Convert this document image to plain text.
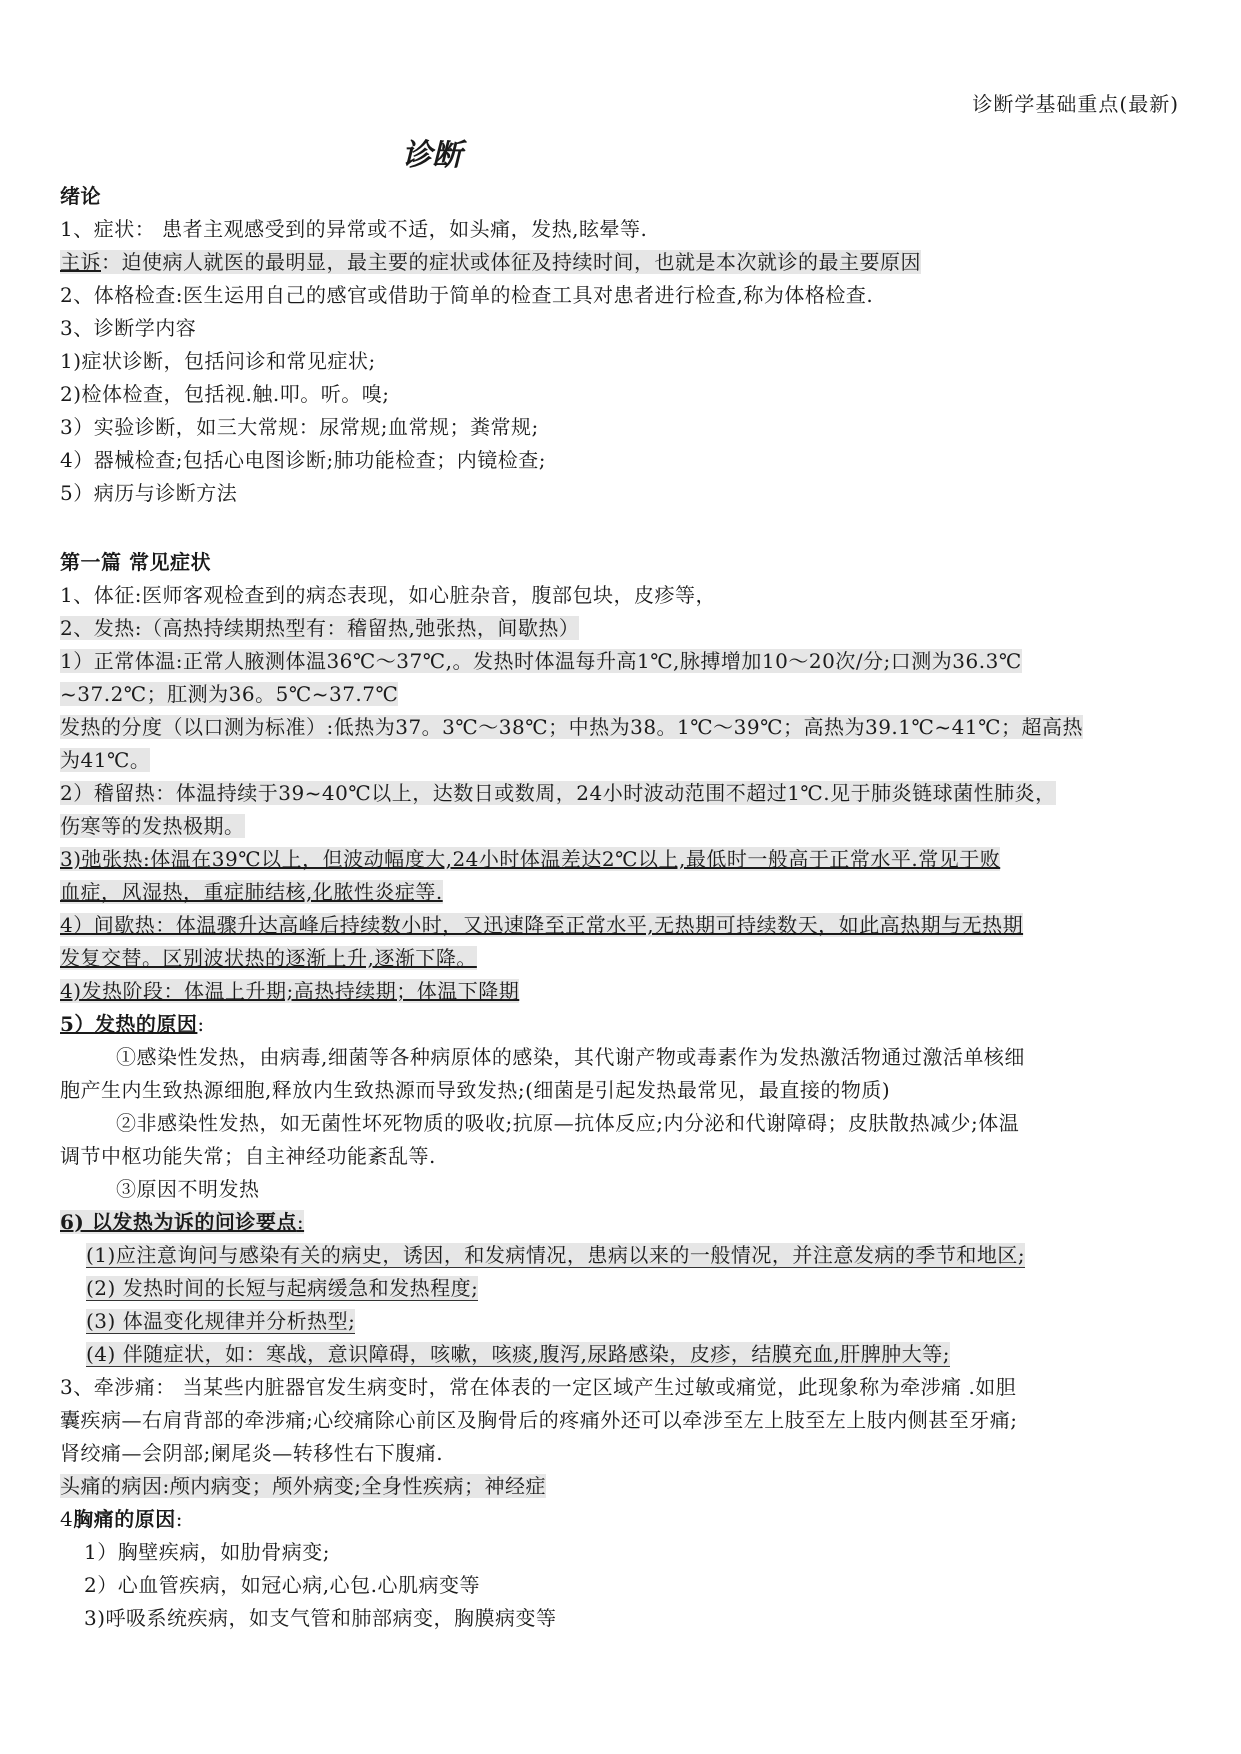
诊断学基础重点(最新)
诊断
绪论
1、症状： 患者主观感受到的异常或不适，如头痛，发热,眩晕等.
主诉：迫使病人就医的最明显，最主要的症状或体征及持续时间，也就是本次就诊的最主要原因
2、体格检查:医生运用自己的感官或借助于简单的检查工具对患者进行检查,称为体格检查.
3、诊断学内容
1)症状诊断，包括问诊和常见症状;
2)检体检查，包括视.触.叩。听。嗅;
3）实验诊断，如三大常规：尿常规;血常规；粪常规;
4）器械检查;包括心电图诊断;肺功能检查；内镜检查;
5）病历与诊断方法
第一篇 常见症状
1、体征:医师客观检查到的病态表现，如心脏杂音，腹部包块，皮疹等，
2、发热:（高热持续期热型有：稽留热,弛张热，间歇热）
1）正常体温:正常人腋测体温36℃～37℃,。发热时体温每升高1℃,脉搏增加10～20次/分;口测为36.3℃
~37.2℃；肛测为36。5℃~37.7℃
发热的分度（以口测为标准）:低热为37。3℃～38℃；中热为38。1℃～39℃；高热为39.1℃~41℃；超高热
为41℃。
2）稽留热：体温持续于39~40℃以上，达数日或数周，24小时波动范围不超过1℃.见于肺炎链球菌性肺炎，
伤寒等的发热极期。
3)弛张热:体温在39℃以上，但波动幅度大,24小时体温差达2℃以上,最低时一般高于正常水平.常见于败
血症，风湿热，重症肺结核,化脓性炎症等.
4）间歇热：体温骤升达高峰后持续数小时，又迅速降至正常水平,无热期可持续数天，如此高热期与无热期
发复交替。区别波状热的逐渐上升,逐渐下降。
4)发热阶段：体温上升期;高热持续期；体温下降期
5）发热的原因:
①感染性发热，由病毒,细菌等各种病原体的感染，其代谢产物或毒素作为发热激活物通过激活单核细
胞产生内生致热源细胞,释放内生致热源而导致发热;(细菌是引起发热最常见，最直接的物质)
②非感染性发热，如无菌性坏死物质的吸收;抗原—抗体反应;内分泌和代谢障碍；皮肤散热减少;体温
调节中枢功能失常；自主神经功能紊乱等.
③原因不明发热
6) 以发热为诉的问诊要点:
(1)应注意询问与感染有关的病史，诱因，和发病情况，患病以来的一般情况，并注意发病的季节和地区;
(2) 发热时间的长短与起病缓急和发热程度;
(3) 体温变化规律并分析热型;
(4) 伴随症状，如：寒战，意识障碍，咳嗽，咳痰,腹泻,尿路感染，皮疹，结膜充血,肝脾肿大等;
3、牵涉痛： 当某些内脏器官发生病变时，常在体表的一定区域产生过敏或痛觉，此现象称为牵涉痛 .如胆
囊疾病—右肩背部的牵涉痛;心绞痛除心前区及胸骨后的疼痛外还可以牵涉至左上肢至左上肢内侧甚至牙痛;
肾绞痛—会阴部;阑尾炎—转移性右下腹痛.
头痛的病因:颅内病变；颅外病变;全身性疾病；神经症
4胸痛的原因:
1）胸壁疾病，如肋骨病变;
2）心血管疾病，如冠心病,心包.心肌病变等
3)呼吸系统疾病，如支气管和肺部病变，胸膜病变等
